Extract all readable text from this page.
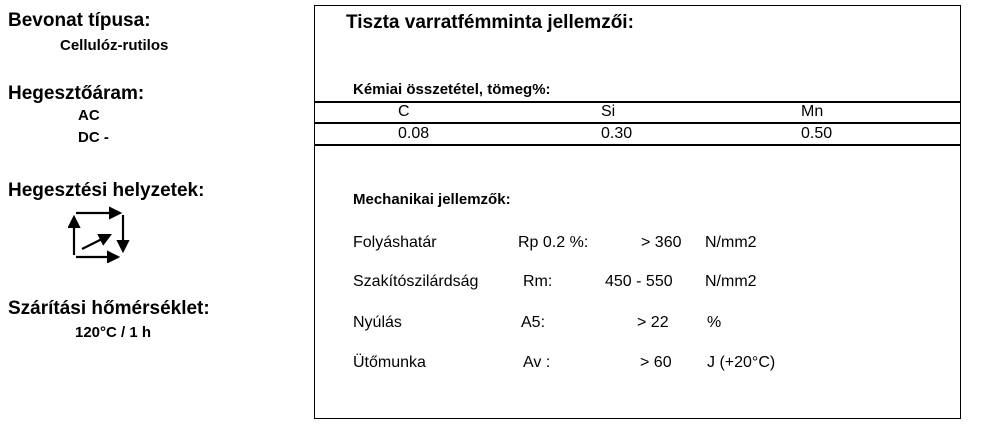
Bevonat típusa:
Cellulóz-rutilos
Hegesztőáram:
AC
DC -
Hegesztési helyzetek:
Szárítási hőmérséklet:
120°C / 1 h
Tiszta varratfémminta jellemzői:
Kémiai összetétel, tömeg%:
C	Si	Mn
0.08	0.30	0.50
Mechanikai jellemzők:
Folyáshatár	Rp 0.2 %:	> 360 N/mm2
Szakítószilárdság	Rm:	450 - 550 N/mm2
Nyúlás	A5:	> 22 %
Ütőmunka	Av :	> 60 J (+20°C)
